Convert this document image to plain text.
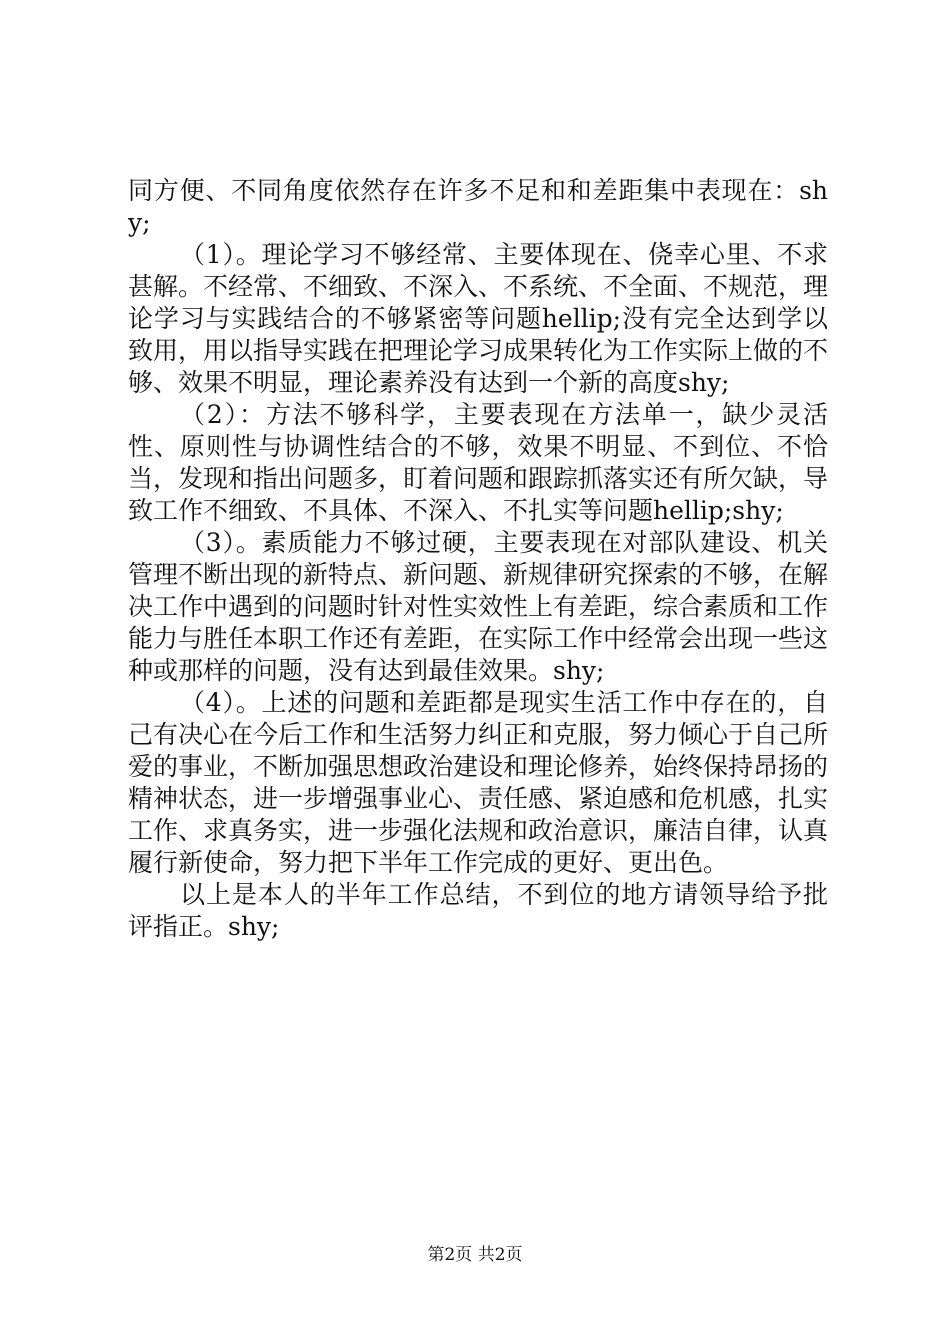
同方便、不同角度依然存在许多不足和和差距集中表现在：shy;

（1）。理论学习不够经常、主要体现在、侥幸心里、不求甚解。不经常、不细致、不深入、不系统、不全面、不规范，理论学习与实践结合的不够紧密等问题hellip;没有完全达到学以致用，用以指导实践在把理论学习成果转化为工作实际上做的不够、效果不明显，理论素养没有达到一个新的高度shy;

（2）：方法不够科学，主要表现在方法单一，缺少灵活性、原则性与协调性结合的不够，效果不明显、不到位、不恰当，发现和指出问题多，盯着问题和跟踪抓落实还有所欠缺，导致工作不细致、不具体、不深入、不扎实等问题hellip;shy;

（3）。素质能力不够过硬，主要表现在对部队建设、机关管理不断出现的新特点、新问题、新规律研究探索的不够，在解决工作中遇到的问题时针对性实效性上有差距，综合素质和工作能力与胜任本职工作还有差距，在实际工作中经常会出现一些这种或那样的问题，没有达到最佳效果。shy;

（4）。上述的问题和差距都是现实生活工作中存在的，自己有决心在今后工作和生活努力纠正和克服，努力倾心于自己所爱的事业，不断加强思想政治建设和理论修养，始终保持昂扬的精神状态，进一步增强事业心、责任感、紧迫感和危机感，扎实工作、求真务实，进一步强化法规和政治意识，廉洁自律，认真履行新使命，努力把下半年工作完成的更好、更出色。

以上是本人的半年工作总结，不到位的地方请领导给予批评指正。shy;

第2页 共2页
